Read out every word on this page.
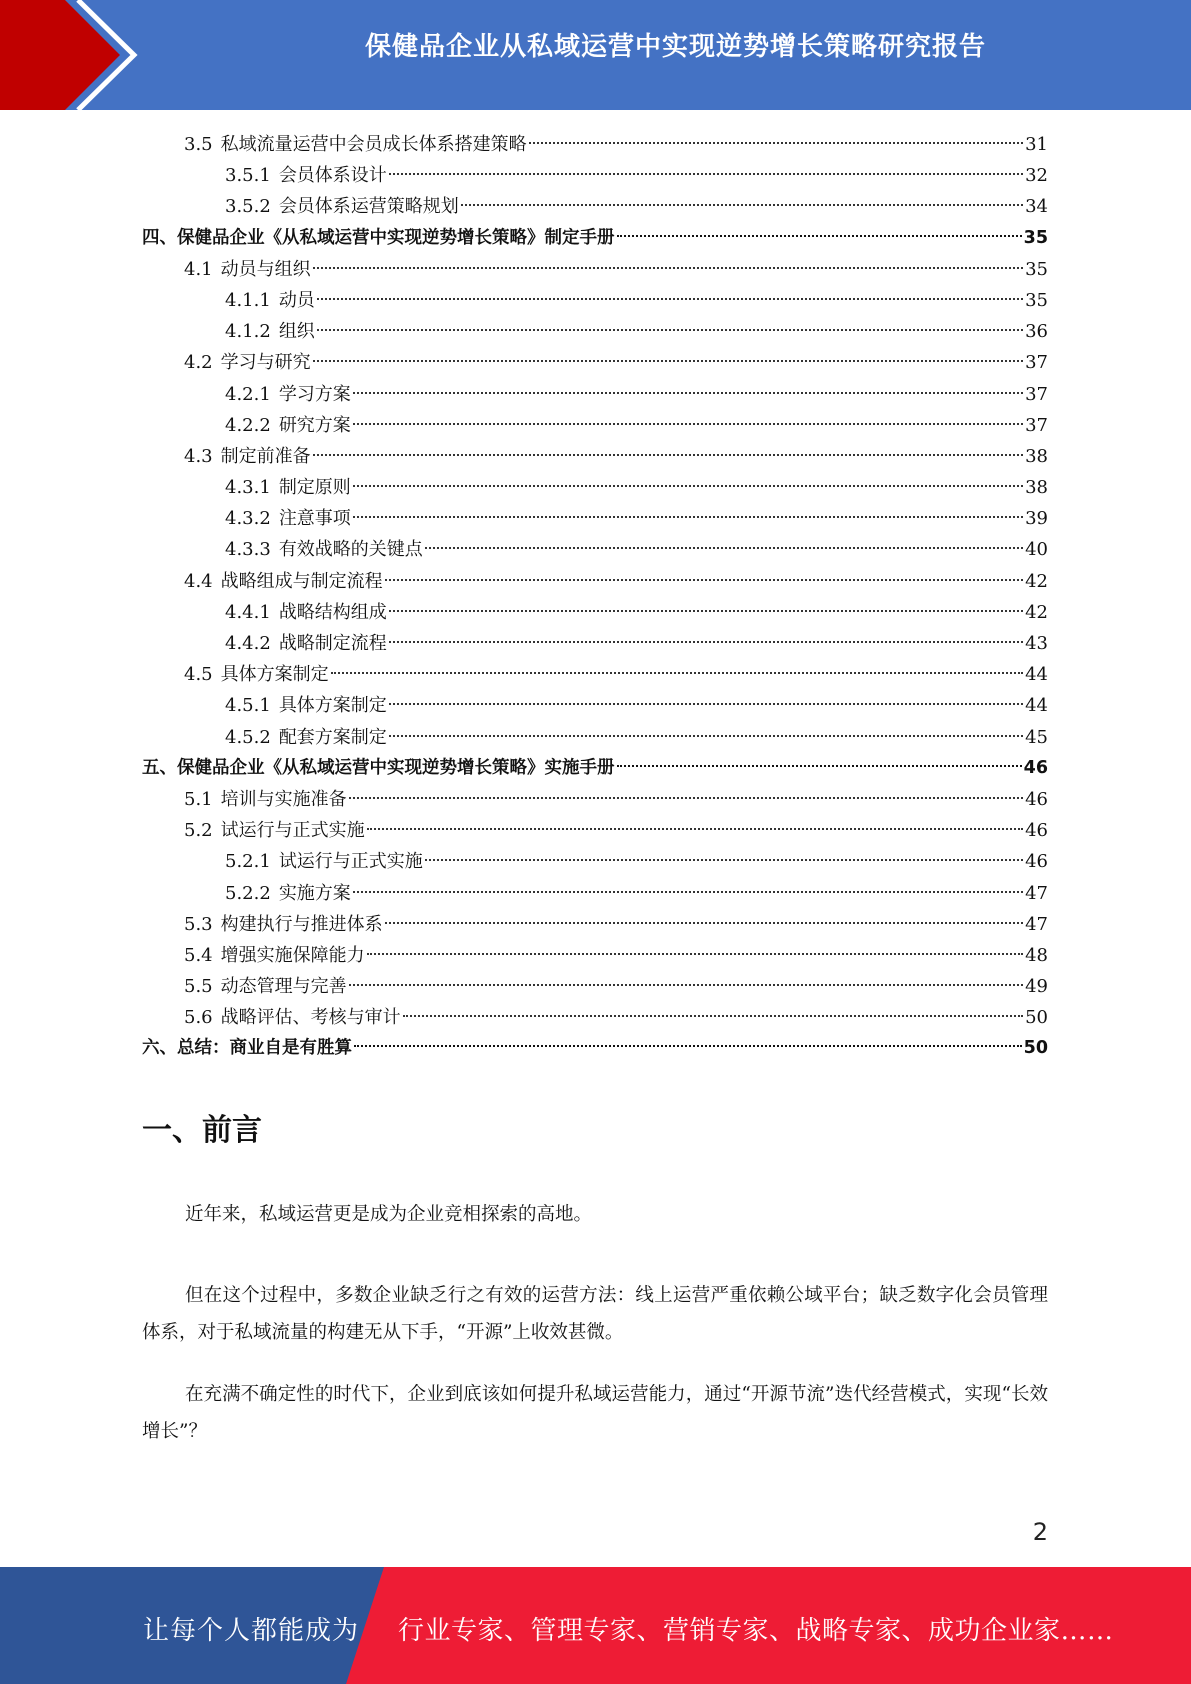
保健品企业从私域运营中实现逆势增长策略研究报告
3.5 私域流量运营中会员成长体系搭建策略	31
3.5.1 会员体系设计	32
3.5.2 会员体系运营策略规划	34
四、保健品企业《从私域运营中实现逆势增长策略》制定手册	35
4.1 动员与组织	35
4.1.1 动员	35
4.1.2 组织	36
4.2 学习与研究	37
4.2.1 学习方案	37
4.2.2 研究方案	37
4.3 制定前准备	38
4.3.1 制定原则	38
4.3.2 注意事项	39
4.3.3 有效战略的关键点	40
4.4 战略组成与制定流程	42
4.4.1 战略结构组成	42
4.4.2 战略制定流程	43
4.5 具体方案制定	44
4.5.1 具体方案制定	44
4.5.2 配套方案制定	45
五、保健品企业《从私域运营中实现逆势增长策略》实施手册	46
5.1 培训与实施准备	46
5.2 试运行与正式实施	46
5.2.1 试运行与正式实施	46
5.2.2 实施方案	47
5.3 构建执行与推进体系	47
5.4 增强实施保障能力	48
5.5 动态管理与完善	49
5.6 战略评估、考核与审计	50
六、总结：商业自是有胜算	50
一、前言

近年来，私域运营更是成为企业竞相探索的高地。

但在这个过程中，多数企业缺乏行之有效的运营方法：线上运营严重依赖公域平台；缺乏数字化会员管理体系，对于私域流量的构建无从下手，“开源”上收效甚微。

在充满不确定性的时代下，企业到底该如何提升私域运营能力，通过“开源节流”迭代经营模式，实现“长效增长”？

2
让每个人都能成为 行业专家、管理专家、营销专家、战略专家、成功企业家……
